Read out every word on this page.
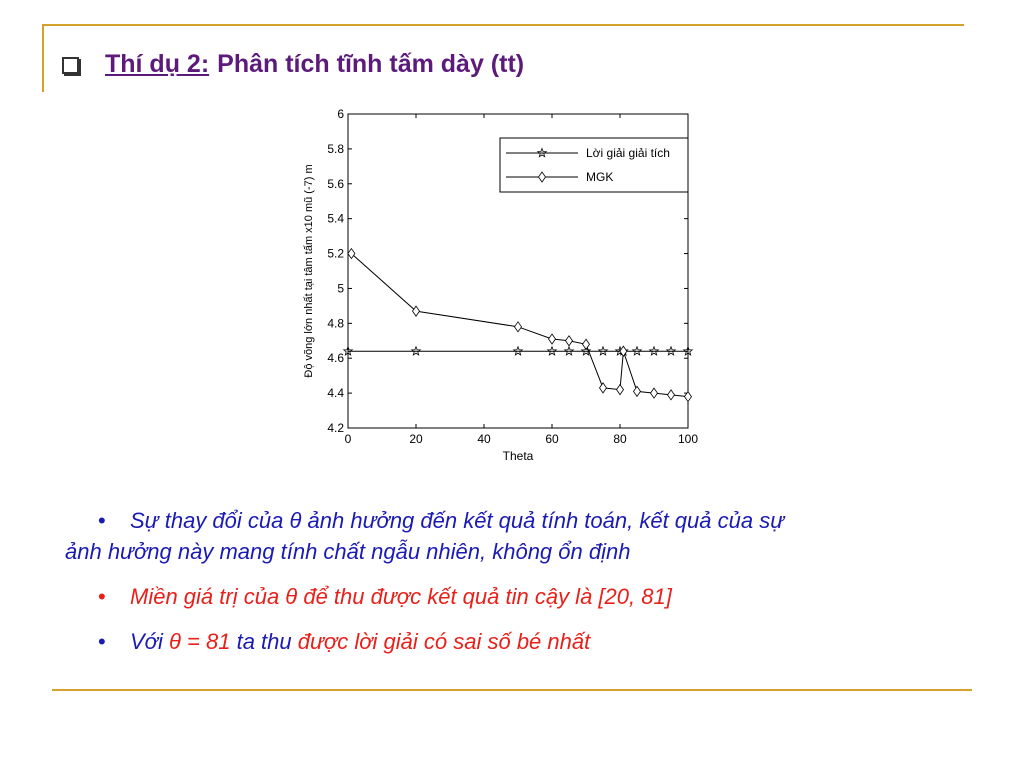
Thí dụ 2: Phân tích tĩnh tấm dày (tt)
0	20	40	60	80	100
4.2
4.4
4.6
4.8
5
5.2
5.4
5.6
5.8
6
Theta
Độ võng lớn nhất tại tâm tấm x10 mũ (-7) m
Lời giải giải tích
MGK
• Sự thay đổi của θ ảnh hưởng đến kết quả tính toán, kết quả của sự
ảnh hưởng này mang tính chất ngẫu nhiên, không ổn định
• Miền giá trị của θ để thu được kết quả tin cậy là [20, 81]
• Với θ = 81 ta thu được lời giải có sai số bé nhất
